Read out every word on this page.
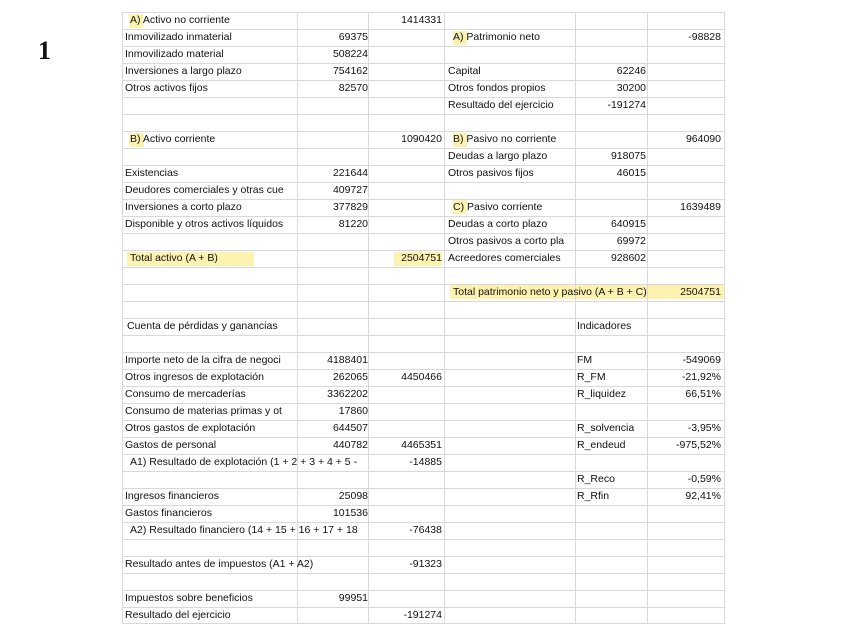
1
A) Activo no corriente	1414331
Inmovilizado inmaterial	69375
Inmovilizado material	508224
Inversiones a largo plazo	754162
Otros activos fijos	82570
B) Activo corriente	1090420
Existencias	221644
Deudores comerciales y otras cue	409727
Inversiones a corto plazo	377829
Disponible y otros activos líquidos	81220
Total activo (A + B)	2504751
A) Patrimonio neto	-98828
Capital	62246
Otros fondos propios	30200
Resultado del ejercicio	-191274
B) Pasivo no corriente	964090
Deudas a largo plazo	918075
Otros pasivos fijos	46015
C) Pasivo corriente	1639489
Deudas a corto plazo	640915
Otros pasivos a corto pla	69972
Acreedores comerciales	928602
Total patrimonio neto y pasivo (A + B + C)	2504751
Cuenta de pérdidas y ganancias
Importe neto de la cifra de negoci	4188401
Otros ingresos de explotación	262065	4450466
Consumo de mercaderías	3362202
Consumo de materias primas y ot	17860
Otros gastos de explotación	644507
Gastos de personal	440782	4465351
A1) Resultado de explotación (1 + 2 + 3 + 4 + 5 -	-14885
Ingresos financieros	25098
Gastos financieros	101536
A2) Resultado financiero (14 + 15 + 16 + 17 + 18	-76438
Resultado antes de impuestos (A1 + A2)	-91323
Impuestos sobre beneficios	99951
Resultado del ejercicio	-191274
Indicadores
FM	-549069
R_FM	-21,92%
R_liquidez	66,51%
R_solvencia	-3,95%
R_endeud	-975,52%
R_Reco	-0,59%
R_Rfin	92,41%
